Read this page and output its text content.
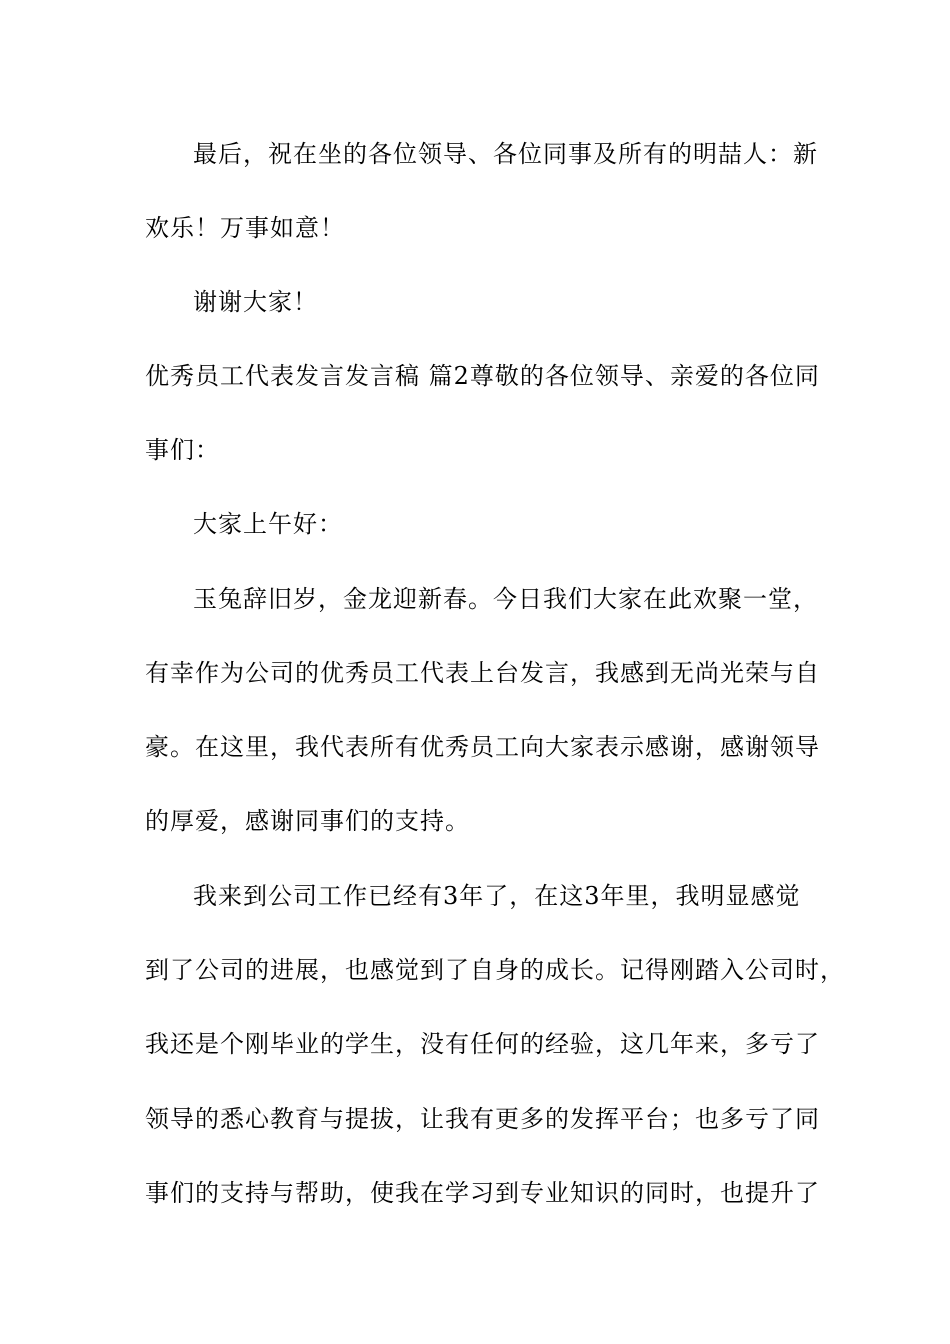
最后，祝在坐的各位领导、各位同事及所有的明喆人：新
欢乐！万事如意！
谢谢大家！
优秀员工代表发言发言稿 篇2尊敬的各位领导、亲爱的各位同
事们：
大家上午好：
玉兔辞旧岁，金龙迎新春。今日我们大家在此欢聚一堂，
有幸作为公司的优秀员工代表上台发言，我感到无尚光荣与自
豪。在这里，我代表所有优秀员工向大家表示感谢，感谢领导
的厚爱，感谢同事们的支持。
我来到公司工作已经有3年了，在这3年里，我明显感觉
到了公司的进展，也感觉到了自身的成长。记得刚踏入公司时，
我还是个刚毕业的学生，没有任何的经验，这几年来，多亏了
领导的悉心教育与提拔，让我有更多的发挥平台；也多亏了同
事们的支持与帮助，使我在学习到专业知识的同时，也提升了
